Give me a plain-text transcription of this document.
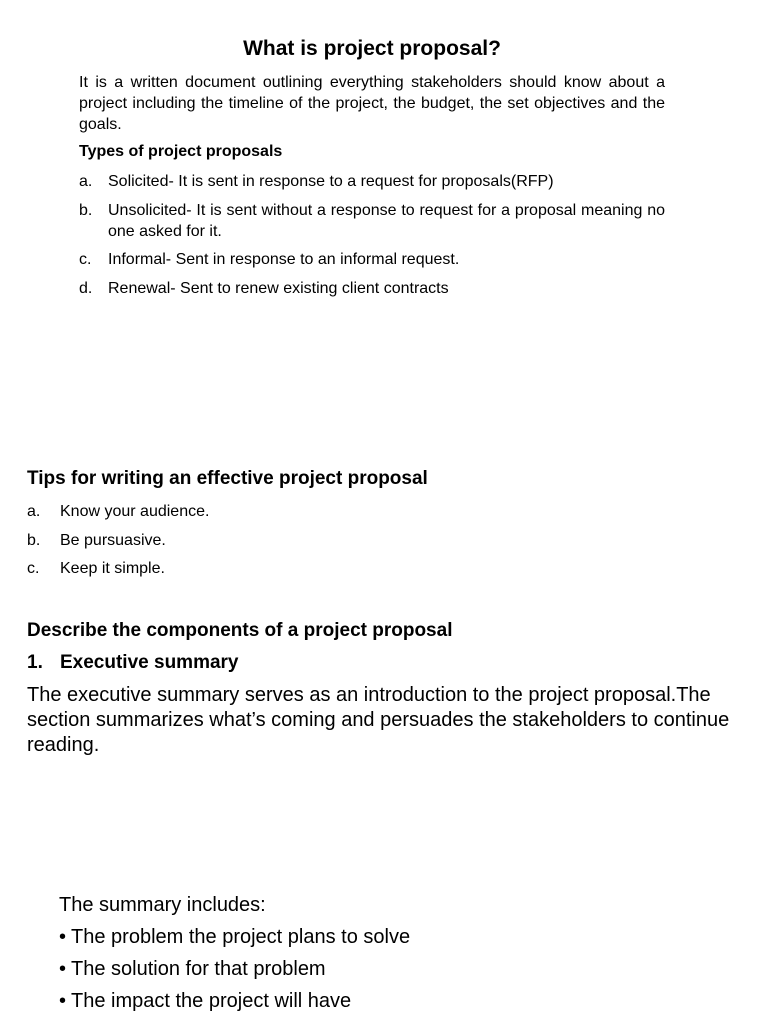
What is project proposal?
It is a written document outlining everything stakeholders should know about a project including the timeline of the project, the budget, the set objectives and the goals.
Types of project proposals
a. Solicited- It is sent in response to a request for proposals(RFP)
b. Unsolicited- It is sent without a response to request for a proposal meaning no one asked for it.
c. Informal- Sent in response to an informal request.
d. Renewal- Sent to renew existing client contracts
Tips for writing an effective project proposal
a. Know your audience.
b. Be pursuasive.
c. Keep it simple.
Describe the components of a project proposal
1. Executive summary
The executive summary serves as an introduction to the project proposal.The section summarizes what’s coming and persuades the stakeholders to continue reading.
The summary includes:
• The problem the project plans to solve
• The solution for that problem
• The impact the project will have
